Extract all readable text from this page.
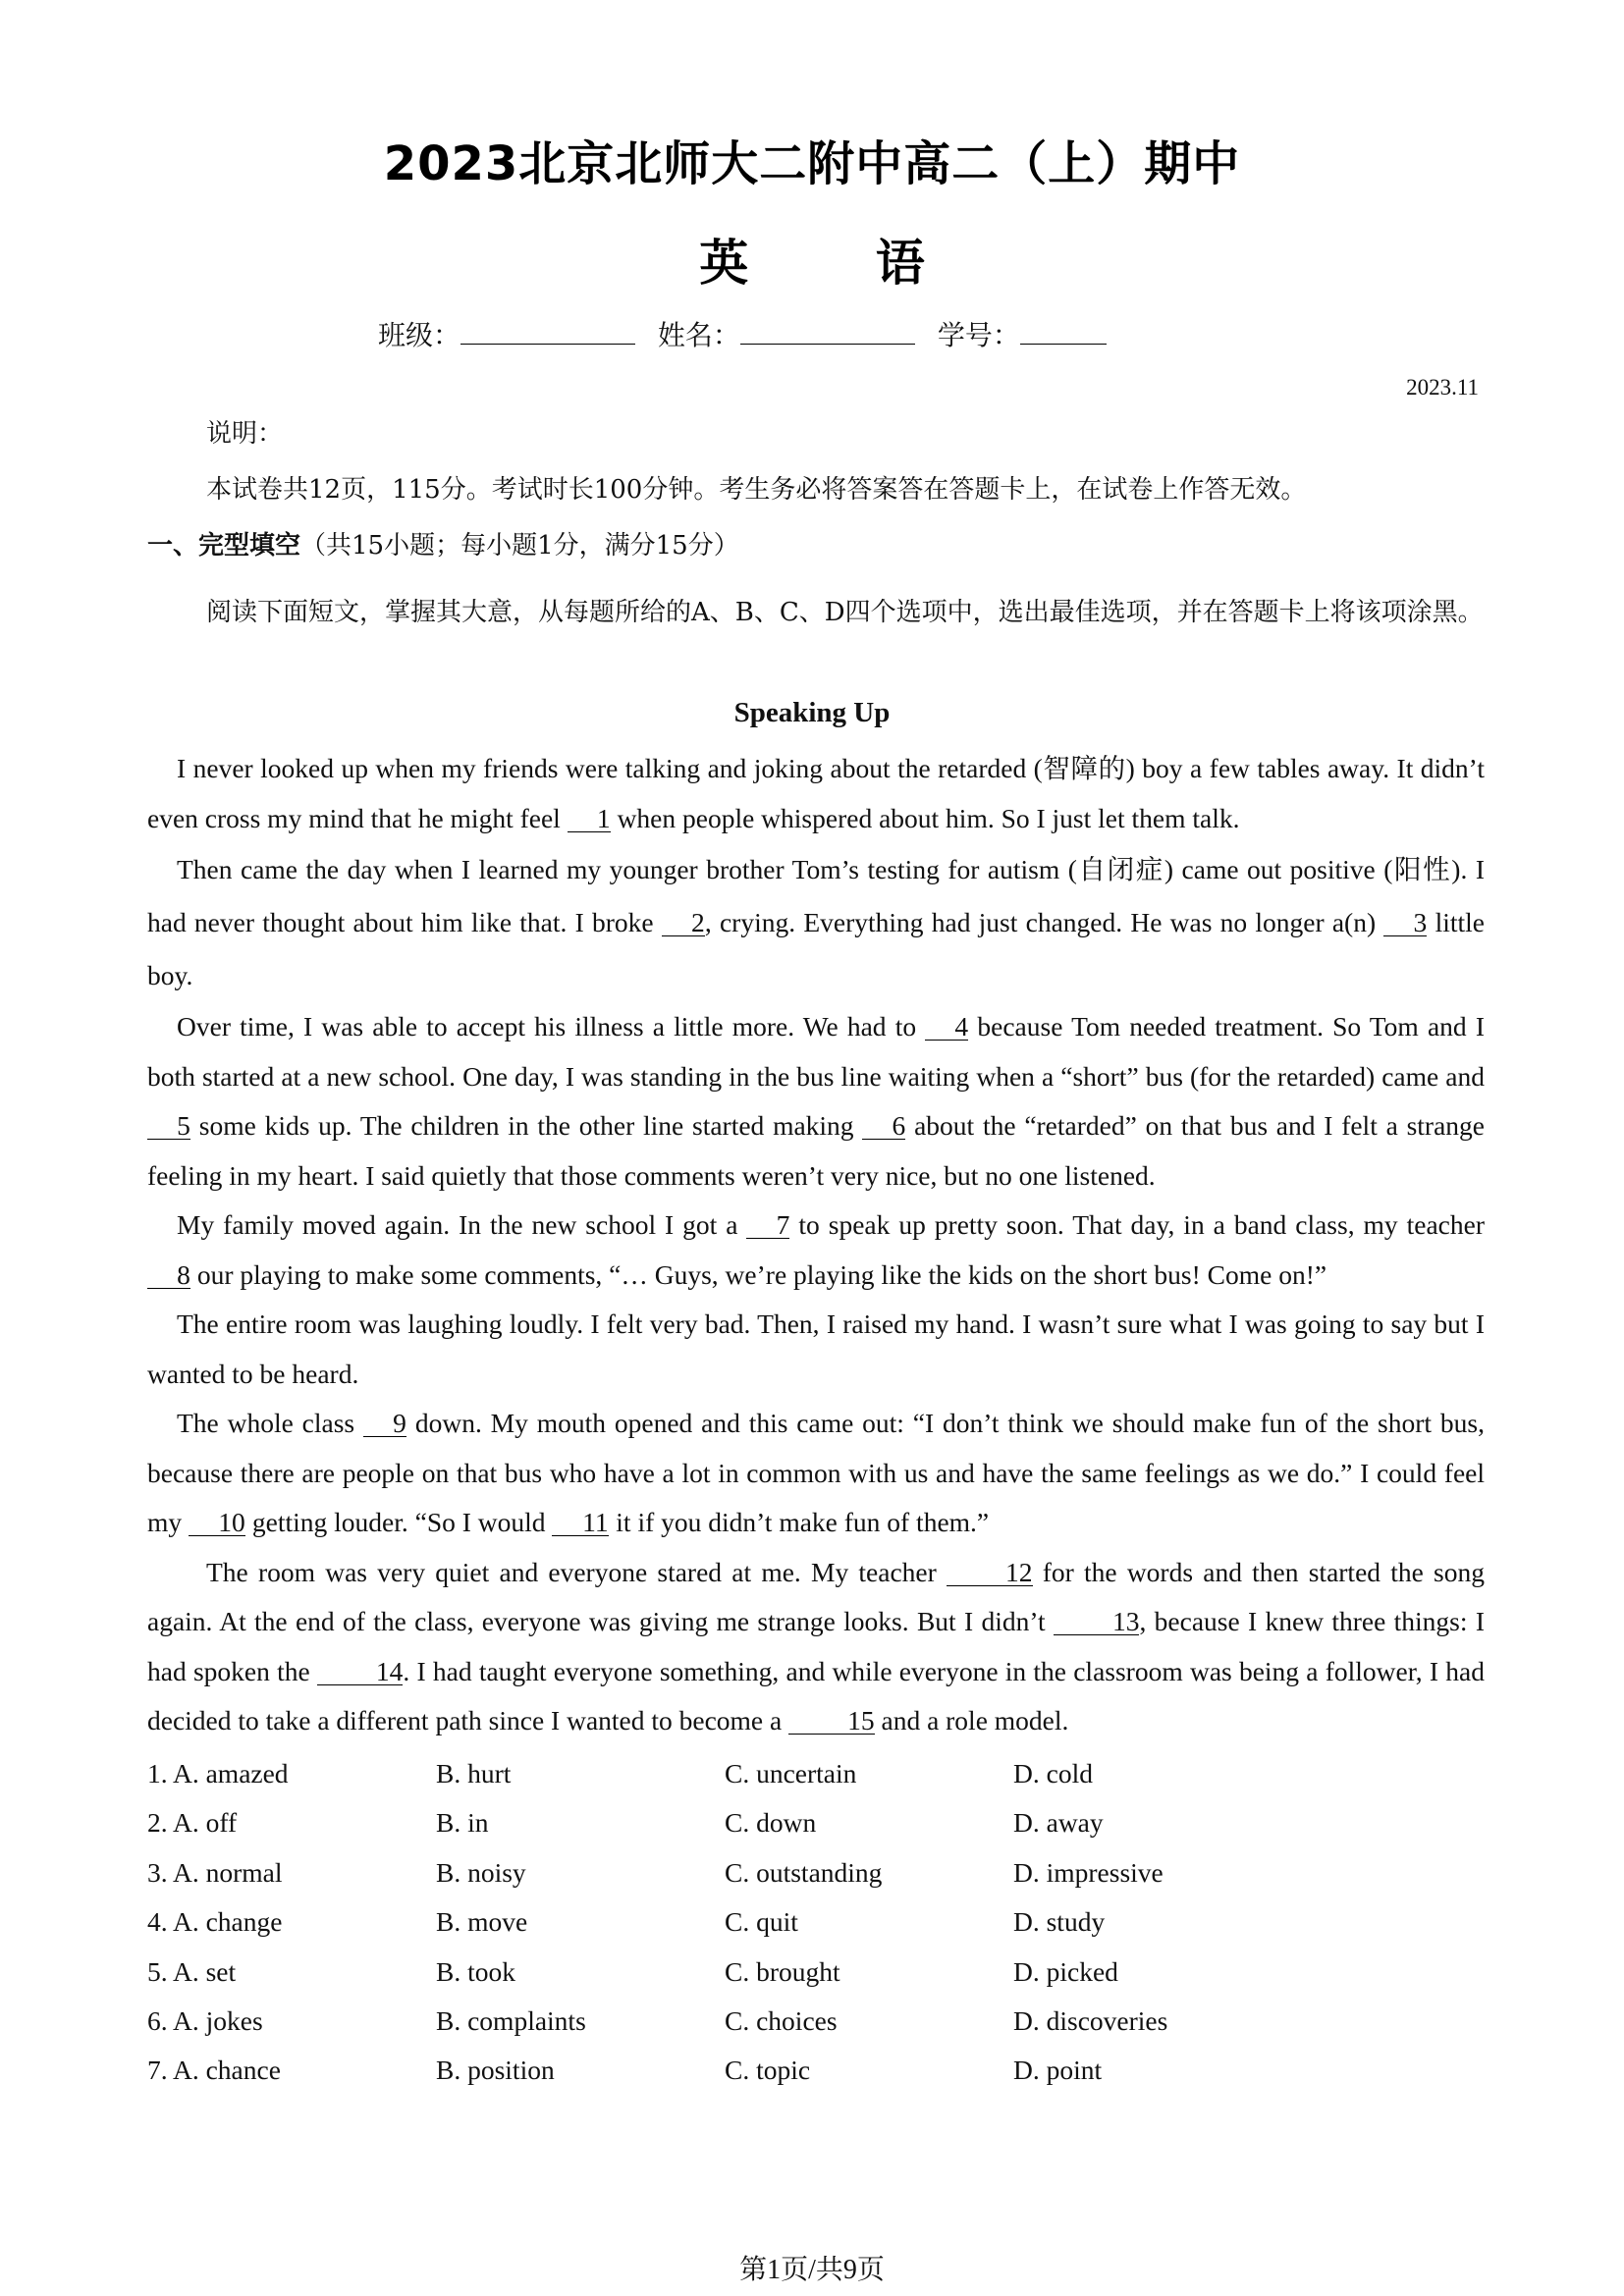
2023北京北师大二附中高二（上）期中
英 语
班级：	姓名：	学号：
2023.11
说明：
本试卷共12页，115分。考试时长100分钟。考生务必将答案答在答题卡上，在试卷上作答无效。
一、完型填空（共15小题；每小题1分，满分15分）
阅读下面短文，掌握其大意，从每题所给的A、B、C、D四个选项中，选出最佳选项，并在答题卡上将该项涂黑。
Speaking Up

I never looked up when my friends were talking and joking about the retarded (智障的) boy a few tables away. It didn’t even cross my mind that he might feel 1 when people whispered about him. So I just let them talk.

Then came the day when I learned my younger brother Tom’s testing for autism (自闭症) came out positive (阳性). I had never thought about him like that. I broke 2, crying. Everything had just changed. He was no longer a(n) 3 little boy.

Over time, I was able to accept his illness a little more. We had to 4 because Tom needed treatment. So Tom and I both started at a new school. One day, I was standing in the bus line waiting when a “short” bus (for the retarded) came and 5 some kids up. The children in the other line started making 6 about the “retarded” on that bus and I felt a strange feeling in my heart. I said quietly that those comments weren’t very nice, but no one listened.

My family moved again. In the new school I got a 7 to speak up pretty soon. That day, in a band class, my teacher 8 our playing to make some comments, “… Guys, we’re playing like the kids on the short bus! Come on!”

The entire room was laughing loudly. I felt very bad. Then, I raised my hand. I wasn’t sure what I was going to say but I wanted to be heard.

The whole class 9 down. My mouth opened and this came out: “I don’t think we should make fun of the short bus, because there are people on that bus who have a lot in common with us and have the same feelings as we do.” I could feel my 10 getting louder. “So I would 11 it if you didn’t make fun of them.”

The room was very quiet and everyone stared at me. My teacher 12 for the words and then started the song again. At the end of the class, everyone was giving me strange looks. But I didn’t 13, because I knew three things: I had spoken the 14. I had taught everyone something, and while everyone in the classroom was being a follower, I had decided to take a different path since I wanted to become a 15 and a role model.

1. A. amazed	B. hurt	C. uncertain	D. cold
2. A. off	B. in	C. down	D. away
3. A. normal	B. noisy	C. outstanding	D. impressive
4. A. change	B. move	C. quit	D. study
5. A. set	B. took	C. brought	D. picked
6. A. jokes	B. complaints	C. choices	D. discoveries
7. A. chance	B. position	C. topic	D. point
第1页/共9页
